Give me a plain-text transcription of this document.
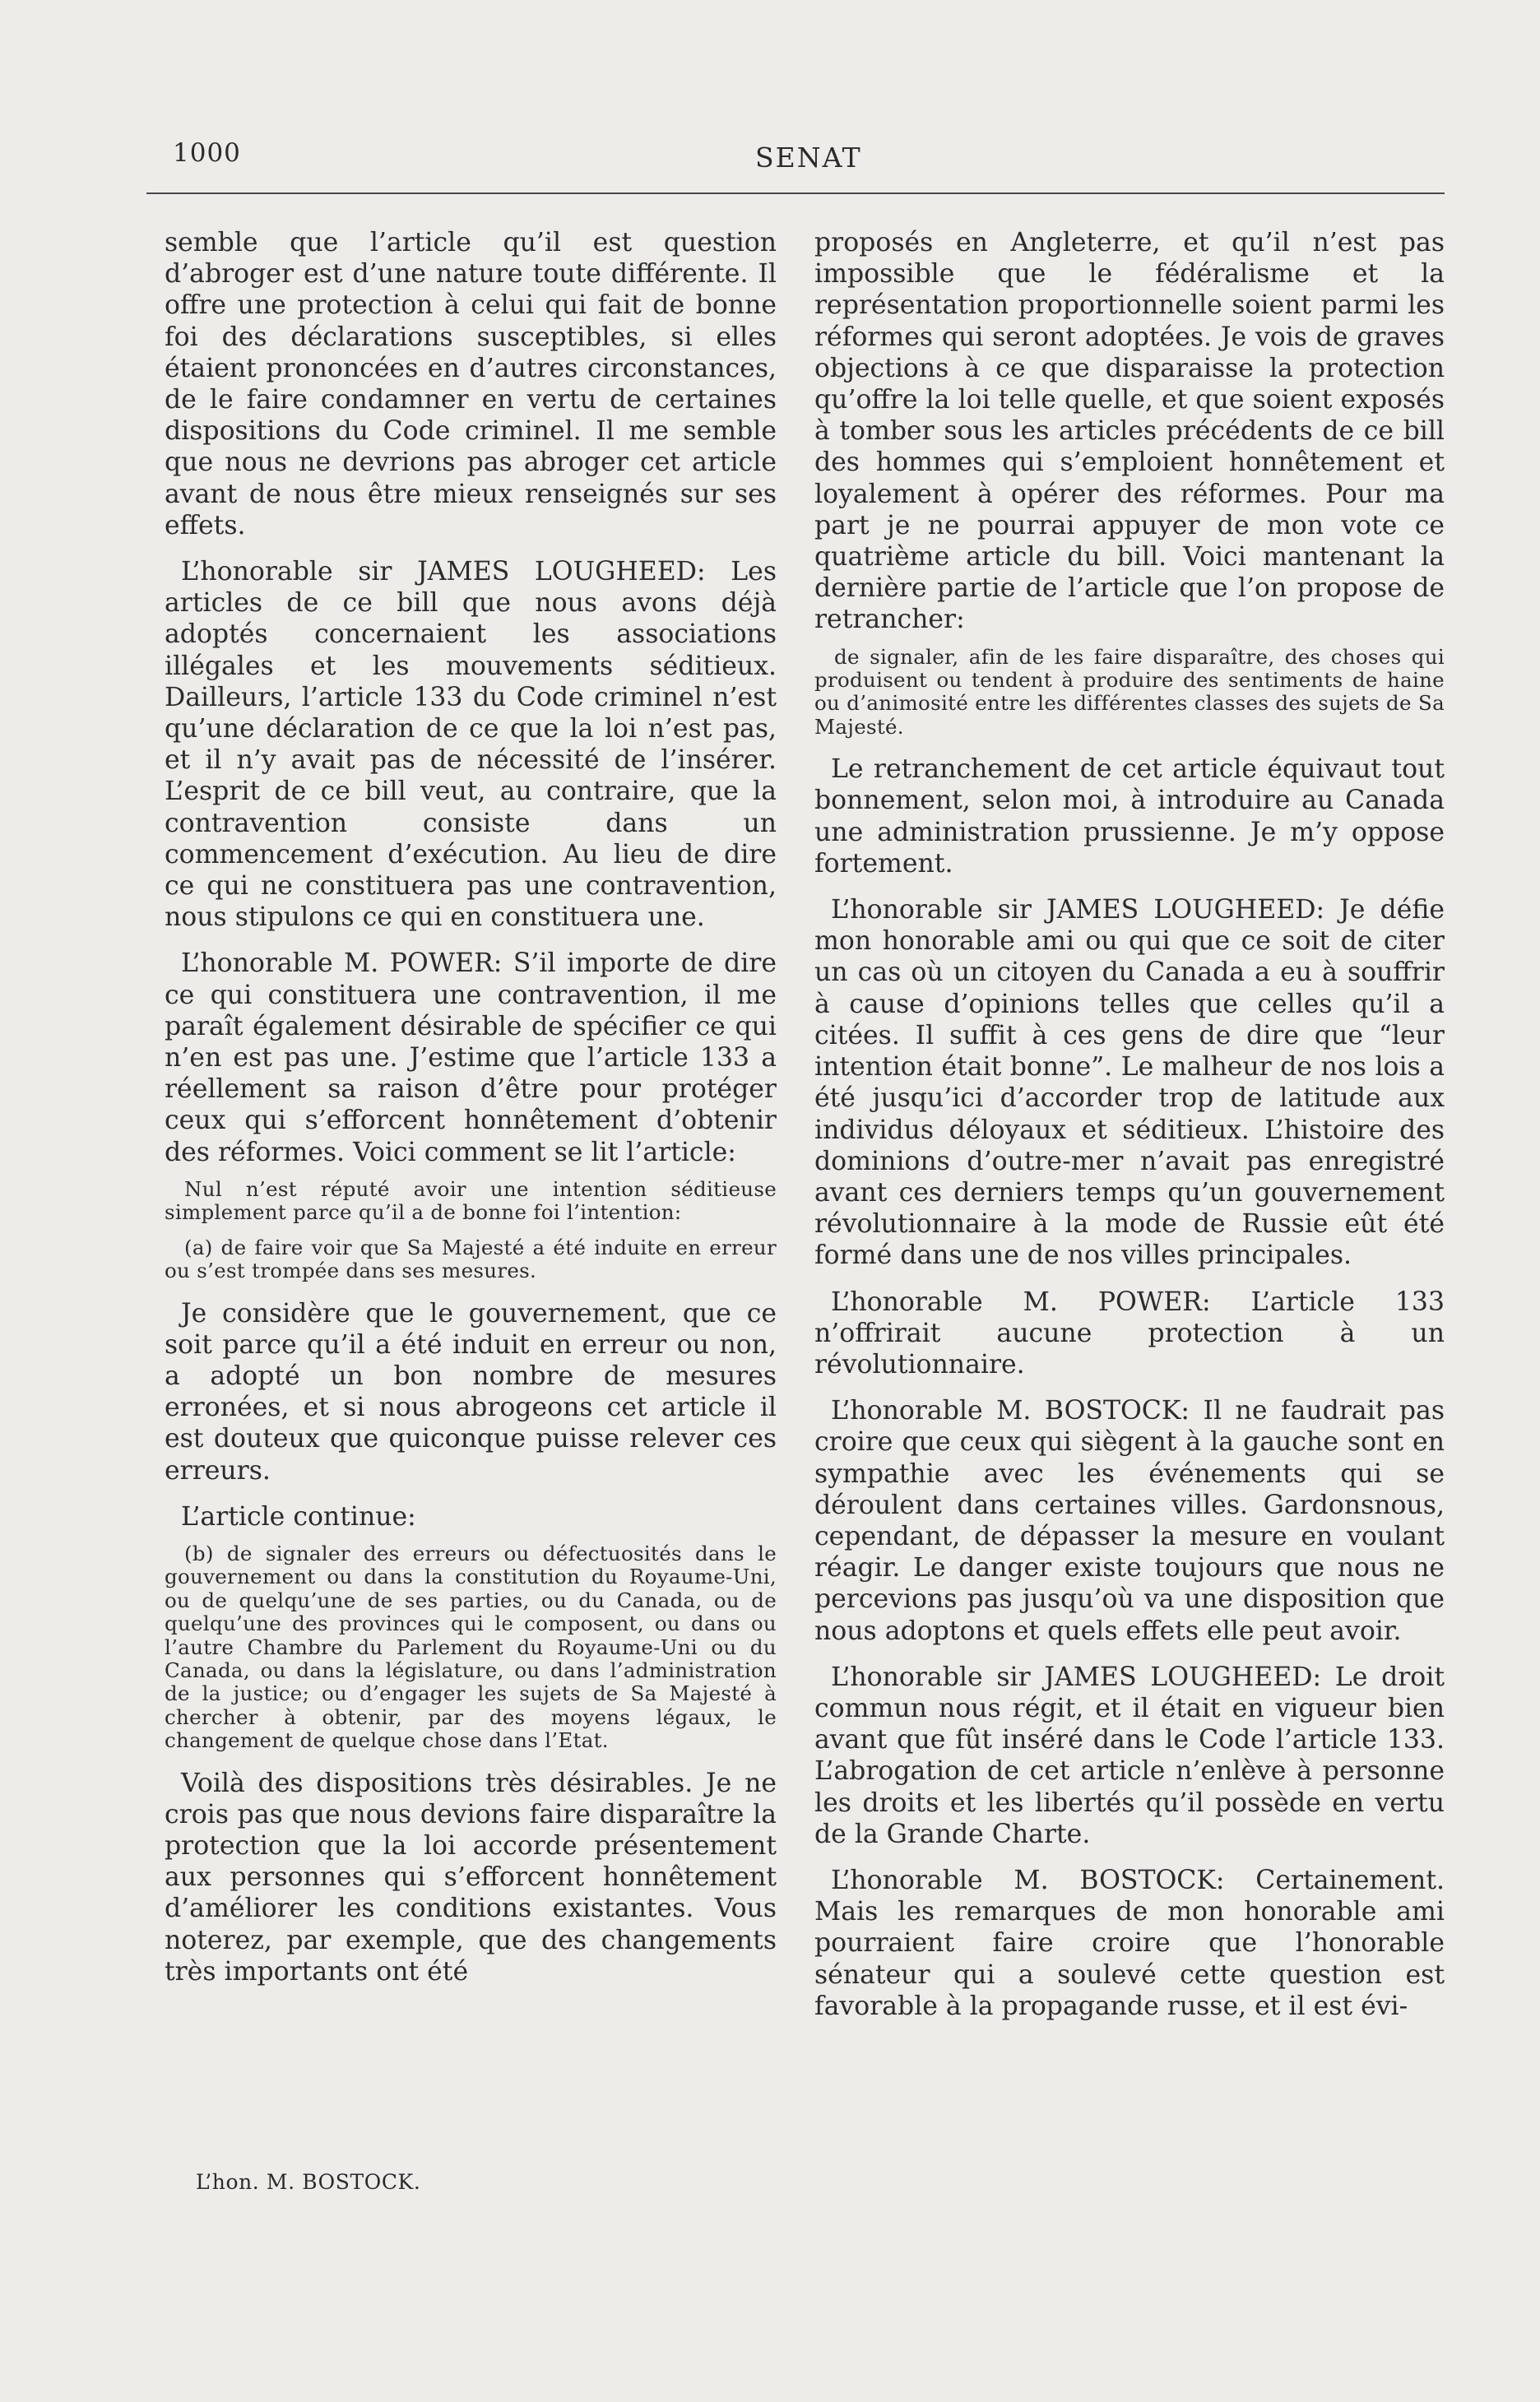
1000	SENAT

semble que l’article qu’il est question d’abroger est d’une nature toute différente. Il offre une protection à celui qui fait de bonne foi des déclarations susceptibles, si elles étaient prononcées en d’autres circonstances, de le faire condamner en vertu de certaines dispositions du Code criminel. Il me semble que nous ne devrions pas abroger cet article avant de nous être mieux renseignés sur ses effets.

L’honorable sir JAMES LOUGHEED: Les articles de ce bill que nous avons déjà adoptés concernaient les associations illégales et les mouvements séditieux. Dailleurs, l’article 133 du Code criminel n’est qu’une déclaration de ce que la loi n’est pas, et il n’y avait pas de nécessité de l’insérer. L’esprit de ce bill veut, au contraire, que la contravention consiste dans un commencement d’exécution. Au lieu de dire ce qui ne constituera pas une contravention, nous stipulons ce qui en constituera une.

L’honorable M. POWER: S’il importe de dire ce qui constituera une contravention, il me paraît également désirable de spécifier ce qui n’en est pas une. J’estime que l’article 133 a réellement sa raison d’être pour protéger ceux qui s’efforcent honnêtement d’obtenir des réformes. Voici comment se lit l’article:

Nul n’est réputé avoir une intention séditieuse simplement parce qu’il a de bonne foi l’intention:

(a) de faire voir que Sa Majesté a été induite en erreur ou s’est trompée dans ses mesures.

Je considère que le gouvernement, que ce soit parce qu’il a été induit en erreur ou non, a adopté un bon nombre de mesures erronées, et si nous abrogeons cet article il est douteux que quiconque puisse relever ces erreurs.

L’article continue:

(b) de signaler des erreurs ou défectuosités dans le gouvernement ou dans la constitution du Royaume-Uni, ou de quelqu’une de ses parties, ou du Canada, ou de quelqu’une des provinces qui le composent, ou dans ou l’autre Chambre du Parlement du Royaume-Uni ou du Canada, ou dans la législature, ou dans l’administration de la justice; ou d’engager les sujets de Sa Majesté à chercher à obtenir, par des moyens légaux, le changement de quelque chose dans l’Etat.

Voilà des dispositions très désirables. Je ne crois pas que nous devions faire disparaître la protection que la loi accorde présentement aux personnes qui s’efforcent honnêtement d’améliorer les conditions existantes. Vous noterez, par exemple, que des changements très importants ont été

proposés en Angleterre, et qu’il n’est pas impossible que le fédéralisme et la représentation proportionnelle soient parmi les réformes qui seront adoptées. Je vois de graves objections à ce que disparaisse la protection qu’offre la loi telle quelle, et que soient exposés à tomber sous les articles précédents de ce bill des hommes qui s’emploient honnêtement et loyalement à opérer des réformes. Pour ma part je ne pourrai appuyer de mon vote ce quatrième article du bill. Voici mantenant la dernière partie de l’article que l’on propose de retrancher:

de signaler, afin de les faire disparaître, des choses qui produisent ou tendent à produire des sentiments de haine ou d’animosité entre les différentes classes des sujets de Sa Majesté.

Le retranchement de cet article équivaut tout bonnement, selon moi, à introduire au Canada une administration prussienne. Je m’y oppose fortement.

L’honorable sir JAMES LOUGHEED: Je défie mon honorable ami ou qui que ce soit de citer un cas où un citoyen du Canada a eu à souffrir à cause d’opinions telles que celles qu’il a citées. Il suffit à ces gens de dire que “leur intention était bonne”. Le malheur de nos lois a été jusqu’ici d’accorder trop de latitude aux individus déloyaux et séditieux. L’histoire des dominions d’outre-mer n’avait pas enregistré avant ces derniers temps qu’un gouvernement révolutionnaire à la mode de Russie eût été formé dans une de nos villes principales.

L’honorable M. POWER: L’article 133 n’offrirait aucune protection à un révolutionnaire.

L’honorable M. BOSTOCK: Il ne faudrait pas croire que ceux qui siègent à la gauche sont en sympathie avec les événements qui se déroulent dans certaines villes. Gardonsnous, cependant, de dépasser la mesure en voulant réagir. Le danger existe toujours que nous ne percevions pas jusqu’où va une disposition que nous adoptons et quels effets elle peut avoir.

L’honorable sir JAMES LOUGHEED: Le droit commun nous régit, et il était en vigueur bien avant que fût inséré dans le Code l’article 133. L’abrogation de cet article n’enlève à personne les droits et les libertés qu’il possède en vertu de la Grande Charte.

L’honorable M. BOSTOCK: Certainement. Mais les remarques de mon honorable ami pourraient faire croire que l’honorable sénateur qui a soulevé cette question est favorable à la propagande russe, et il est évi-

L’hon. M. BOSTOCK.
